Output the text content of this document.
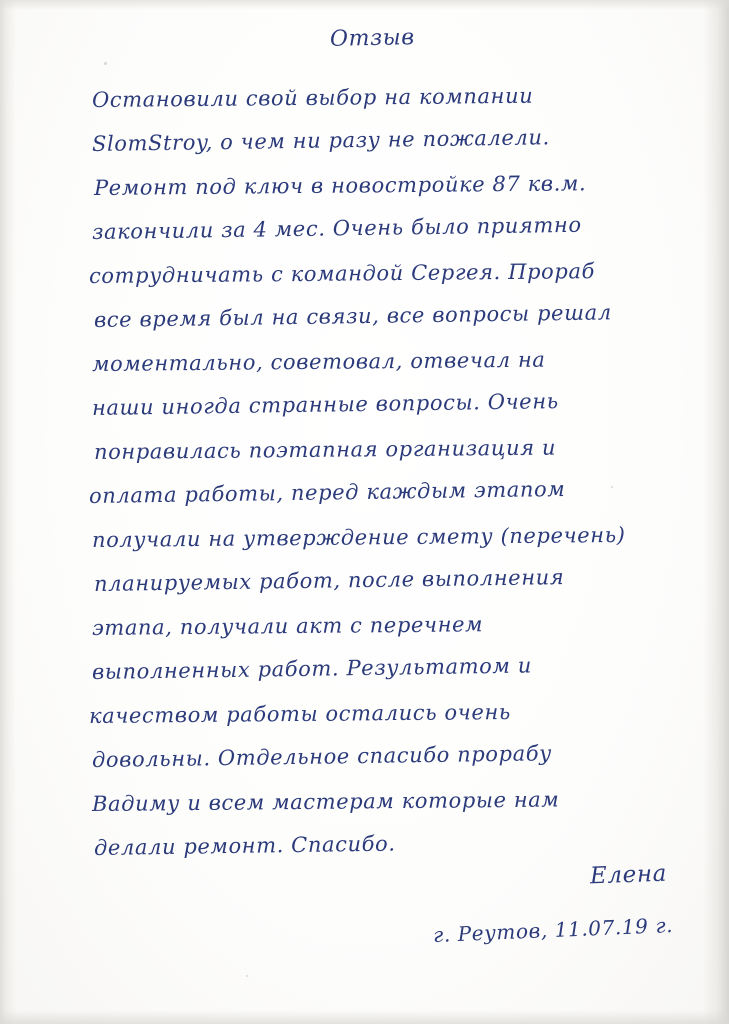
Отзыв
Остановили свой выбор на компании
SlomStroy, о чем ни разу не пожалели.
Ремонт под ключ в новостройке 87 кв.м.
закончили за 4 мес. Очень было приятно
сотрудничать с командой Сергея. Прораб
все время был на связи, все вопросы решал
моментально, советовал, отвечал на
наши иногда странные вопросы. Очень
понравилась поэтапная организация и
оплата работы, перед каждым этапом
получали на утверждение смету (перечень)
планируемых работ, после выполнения
этапа, получали акт с перечнем
выполненных работ. Результатом и
качеством работы остались очень
довольны. Отдельное спасибо прорабу
Вадиму и всем мастерам которые нам
делали ремонт. Спасибо.
Елена
г. Реутов, 11.07.19 г.
